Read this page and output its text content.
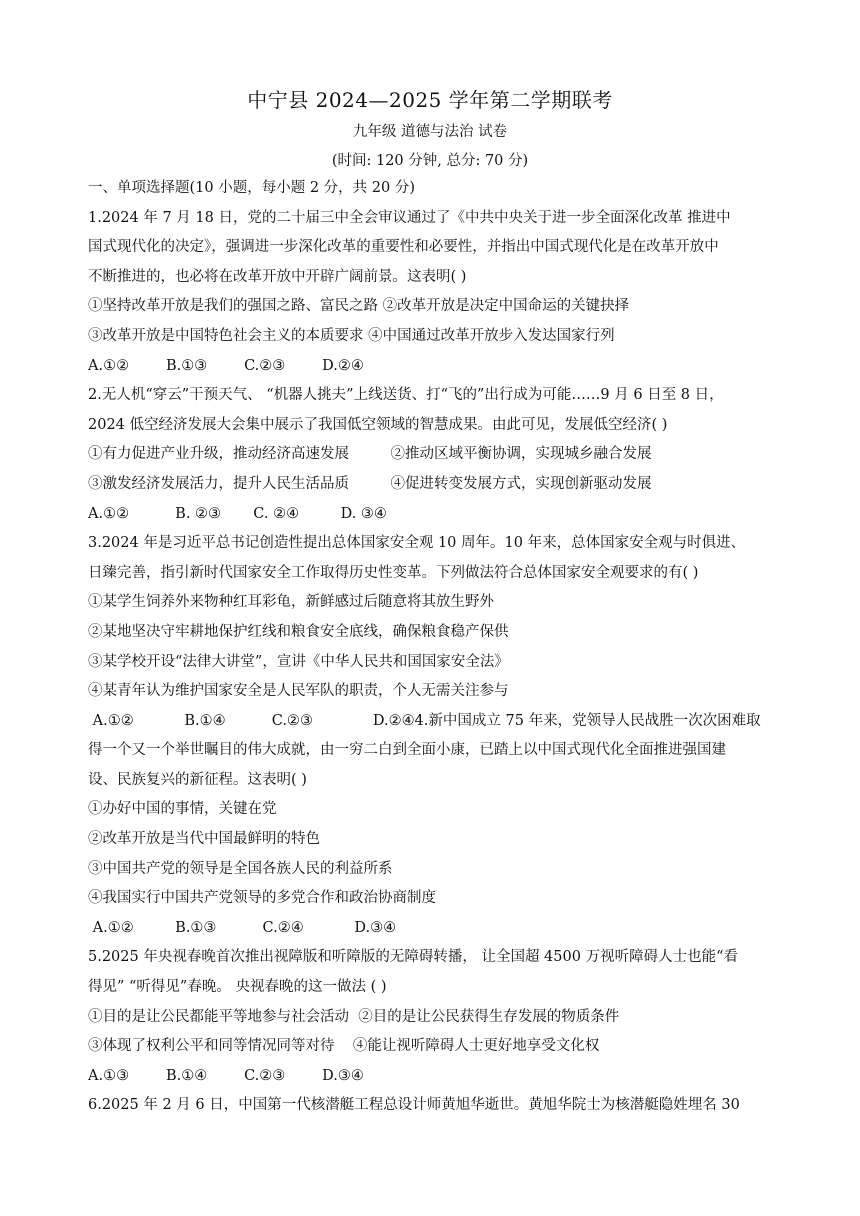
中宁县 2024—2025 学年第二学期联考
九年级 道德与法治 试卷
(时间: 120 分钟, 总分: 70 分)
一、单项选择题(10 小题，每小题 2 分，共 20 分)
1.2024 年 7 月 18 日，党的二十届三中全会审议通过了《中共中央关于进一步全面深化改革 推进中
国式现代化的决定》，强调进一步深化改革的重要性和必要性，并指出中国式现代化是在改革开放中
不断推进的，也必将在改革开放中开辟广阔前景。这表明( )
①坚持改革开放是我们的强国之路、富民之路 ②改革开放是决定中国命运的关键抉择
③改革开放是中国特色社会主义的本质要求 ④中国通过改革开放步入发达国家行列
A.①②        B.①③        C.②③        D.②④
2.无人机“穿云”干预天气、 “机器人挑夫”上线送货、打“飞的”出行成为可能……9 月 6 日至 8 日，
2024 低空经济发展大会集中展示了我国低空领域的智慧成果。由此可见，发展低空经济( )
①有力促进产业升级，推动经济高速发展         ②推动区域平衡协调，实现城乡融合发展
③激发经济发展活力，提升人民生活品质         ④促进转变发展方式，实现创新驱动发展
A.①②          B. ②③       C. ②④         D. ③④
3.2024 年是习近平总书记创造性提出总体国家安全观 10 周年。10 年来，总体国家安全观与时俱进、
日臻完善，指引新时代国家安全工作取得历史性变革。下列做法符合总体国家安全观要求的有( )
①某学生饲养外来物种红耳彩龟，新鲜感过后随意将其放生野外
②某地坚决守牢耕地保护红线和粮食安全底线，确保粮食稳产保供
③某学校开设“法律大讲堂”，宣讲《中华人民共和国国家安全法》
④某青年认为维护国家安全是人民军队的职责，个人无需关注参与
A.①②           B.①④          C.②③             D.②④4.新中国成立 75 年来，党领导人民战胜一次次困难取
得一个又一个举世瞩目的伟大成就，由一穷二白到全面小康，已踏上以中国式现代化全面推进强国建
设、民族复兴的新征程。这表明( )
①办好中国的事情，关键在党
②改革开放是当代中国最鲜明的特色
③中国共产党的领导是全国各族人民的利益所系
④我国实行中国共产党领导的多党合作和政治协商制度
A.①②         B.①③          C.②④           D.③④
5.2025 年央视春晚首次推出视障版和听障版的无障碍转播， 让全国超 4500 万视听障碍人士也能“看
得见” “听得见”春晚。 央视春晚的这一做法 ( )
①目的是让公民都能平等地参与社会活动  ②目的是让公民获得生存发展的物质条件
③体现了权利公平和同等情况同等对待    ④能让视听障碍人士更好地享受文化权
A.①③        B.①④        C.②③        D.③④
6.2025 年 2 月 6 日，中国第一代核潜艇工程总设计师黄旭华逝世。黄旭华院士为核潜艇隐姓埋名 30
